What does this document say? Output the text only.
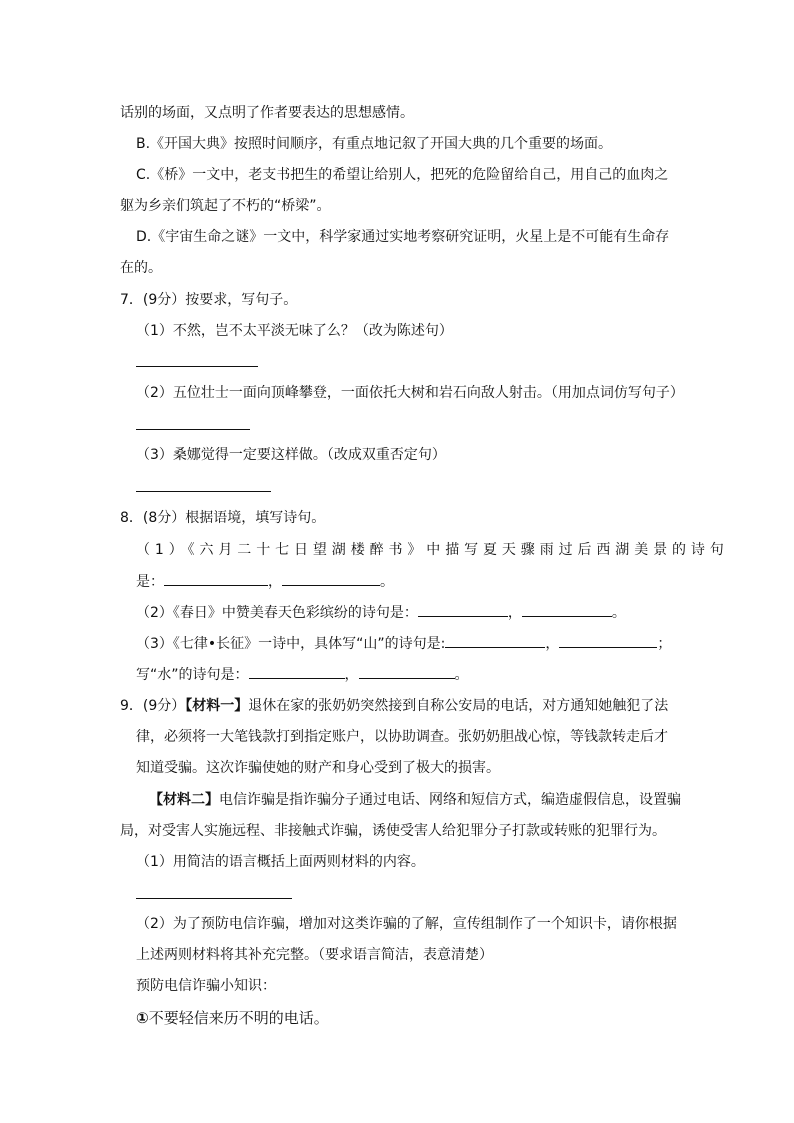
话别的场面，又点明了作者要表达的思想感情。
B.《开国大典》按照时间顺序，有重点地记叙了开国大典的几个重要的场面。
C.《桥》一文中，老支书把生的希望让给别人，把死的危险留给自己，用自己的血肉之
躯为乡亲们筑起了不朽的“桥梁”。
D.《宇宙生命之谜》一文中，科学家通过实地考察研究证明，火星上是不可能有生命存
在的。
7．(9分）按要求，写句子。
（1）不然，岂不太平淡无味了么？（改为陈述句）
（2）五位壮士一面向顶峰攀登，一面依托大树和岩石向敌人射击。（用加点词仿写句子）
（3）桑娜觉得一定要这样做。（改成双重否定句）
8．(8分）根据语境，填写诗句。
（1）《六月二十七日望湖楼醉书》中描写夏天骤雨过后西湖美景的诗句
是：	，	。
（2）《春日》中赞美春天色彩缤纷的诗句是：	，	。
（3）《七律•长征》一诗中，具体写“山”的诗句是:	，	；
写“水”的诗句是：	，	。
9．(9分）【材料一】退休在家的张奶奶突然接到自称公安局的电话，对方通知她触犯了法
律，必须将一大笔钱款打到指定账户，以协助调查。张奶奶胆战心惊，等钱款转走后才
知道受骗。这次诈骗使她的财产和身心受到了极大的损害。
【材料二】电信诈骗是指诈骗分子通过电话、网络和短信方式，编造虚假信息，设置骗
局，对受害人实施远程、非接触式诈骗，诱使受害人给犯罪分子打款或转账的犯罪行为。
（1）用简洁的语言概括上面两则材料的内容。
（2）为了预防电信诈骗，增加对这类诈骗的了解，宣传组制作了一个知识卡，请你根据
上述两则材料将其补充完整。（要求语言简洁，表意清楚）
预防电信诈骗小知识：
①不要轻信来历不明的电话。
